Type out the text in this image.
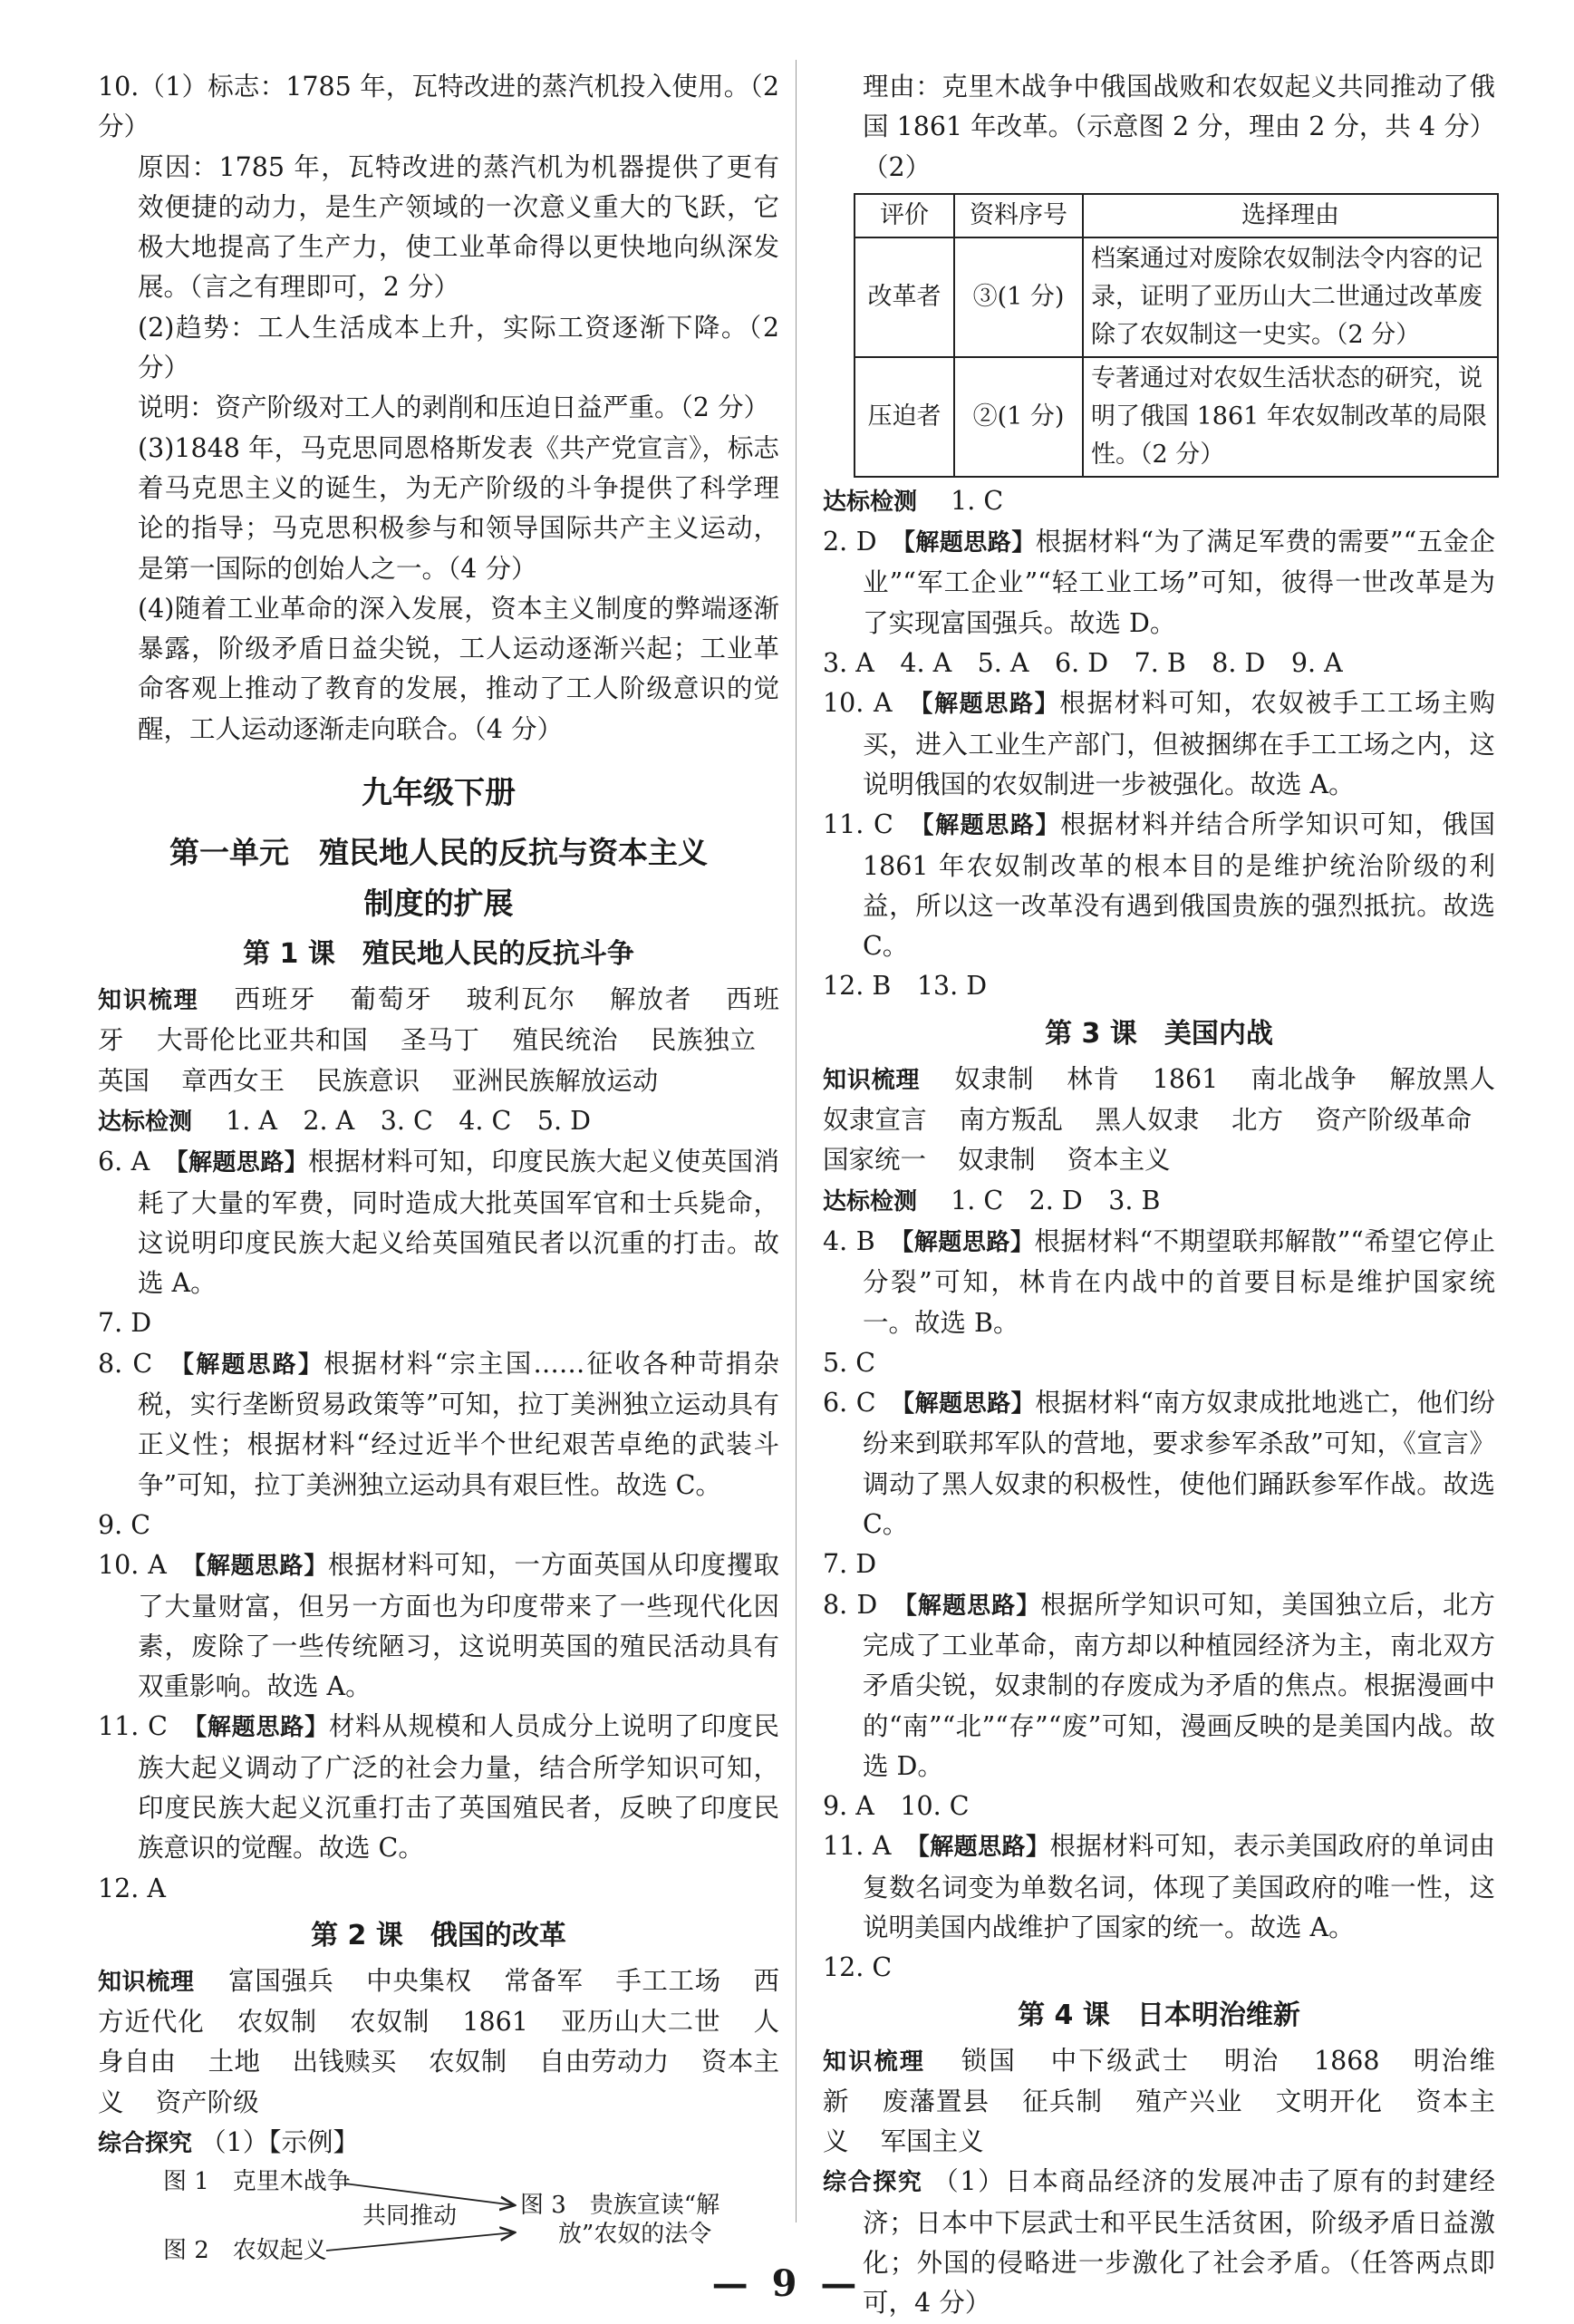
10.（1）标志：1785 年，瓦特改进的蒸汽机投入使用。（2 分）

原因：1785 年，瓦特改进的蒸汽机为机器提供了更有效便捷的动力，是生产领域的一次意义重大的飞跃，它极大地提高了生产力，使工业革命得以更快地向纵深发展。（言之有理即可，2 分）

(2)趋势：工人生活成本上升，实际工资逐渐下降。（2 分）

说明：资产阶级对工人的剥削和压迫日益严重。（2 分）

(3)1848 年，马克思同恩格斯发表《共产党宣言》，标志着马克思主义的诞生，为无产阶级的斗争提供了科学理论的指导；马克思积极参与和领导国际共产主义运动，是第一国际的创始人之一。（4 分）

(4)随着工业革命的深入发展，资本主义制度的弊端逐渐暴露，阶级矛盾日益尖锐，工人运动逐渐兴起；工业革命客观上推动了教育的发展，推动了工人阶级意识的觉醒，工人运动逐渐走向联合。（4 分）

九年级下册
第一单元　殖民地人民的反抗与资本主义
制度的扩展
第 1 课　殖民地人民的反抗斗争

知识梳理 西班牙 葡萄牙 玻利瓦尔 解放者 西班牙 大哥伦比亚共和国 圣马丁 殖民统治 民族独立 英国 章西女王 民族意识 亚洲民族解放运动

达标检测 1. A　2. A　3. C　4. C　5. D

6. A　 【解题思路】根据材料可知，印度民族大起义使英国消耗了大量的军费，同时造成大批英国军官和士兵毙命，这说明印度民族大起义给英国殖民者以沉重的打击。故选 A。

7. D

8. C　 【解题思路】根据材料“宗主国……征收各种苛捐杂税，实行垄断贸易政策等”可知，拉丁美洲独立运动具有正义性；根据材料“经过近半个世纪艰苦卓绝的武装斗争”可知，拉丁美洲独立运动具有艰巨性。故选 C。

9. C

10. A　 【解题思路】根据材料可知，一方面英国从印度攫取了大量财富，但另一方面也为印度带来了一些现代化因素，废除了一些传统陋习，这说明英国的殖民活动具有双重影响。故选 A。

11. C　 【解题思路】材料从规模和人员成分上说明了印度民族大起义调动了广泛的社会力量，结合所学知识可知，印度民族大起义沉重打击了英国殖民者，反映了印度民族意识的觉醒。故选 C。

12. A

第 2 课　俄国的改革

知识梳理 富国强兵 中央集权 常备军 手工工场 西方近代化 农奴制 农奴制 1861 亚历山大二世 人身自由 土地 出钱赎买 农奴制 自由劳动力 资本主义 资产阶级

综合探究 （1）【示例】

图 1　克里木战争
图 2　农奴起义
共同推动	图 3　贵族宣读“解
放”农奴的法令

理由：克里木战争中俄国战败和农奴起义共同推动了俄国 1861 年改革。（示意图 2 分，理由 2 分，共 4 分）

（2）

评价	资料序号	选择理由
改革者	③(1 分)	档案通过对废除农奴制法令内容的记录，证明了亚历山大二世通过改革废除了农奴制这一史实。（2 分）
压迫者	②(1 分)	专著通过对农奴生活状态的研究，说明了俄国 1861 年农奴制改革的局限性。（2 分）

达标检测 1. C

2. D　 【解题思路】根据材料“为了满足军费的需要”“五金企业”“军工企业”“轻工业工场”可知，彼得一世改革是为了实现富国强兵。故选 D。

3. A　4. A　5. A　6. D　7. B　8. D　9. A

10. A　 【解题思路】根据材料可知，农奴被手工工场主购买，进入工业生产部门，但被捆绑在手工工场之内，这说明俄国的农奴制进一步被强化。故选 A。

11. C　 【解题思路】根据材料并结合所学知识可知，俄国 1861 年农奴制改革的根本目的是维护统治阶级的利益，所以这一改革没有遇到俄国贵族的强烈抵抗。故选 C。

12. B　13. D

第 3 课　美国内战

知识梳理 奴隶制 林肯 1861 南北战争 解放黑人奴隶宣言 南方叛乱 黑人奴隶 北方 资产阶级革命 国家统一 奴隶制 资本主义

达标检测 1. C　2. D　3. B

4. B　 【解题思路】根据材料“不期望联邦解散”“希望它停止分裂”可知，林肯在内战中的首要目标是维护国家统一。故选 B。

5. C

6. C　 【解题思路】根据材料“南方奴隶成批地逃亡，他们纷纷来到联邦军队的营地，要求参军杀敌”可知，《宣言》调动了黑人奴隶的积极性，使他们踊跃参军作战。故选 C。

7. D

8. D　 【解题思路】根据所学知识可知，美国独立后，北方完成了工业革命，南方却以种植园经济为主，南北双方矛盾尖锐，奴隶制的存废成为矛盾的焦点。根据漫画中的“南”“北”“存”“废”可知，漫画反映的是美国内战。故选 D。

9. A　10. C

11. A　 【解题思路】根据材料可知，表示美国政府的单词由复数名词变为单数名词，体现了美国政府的唯一性，这说明美国内战维护了国家的统一。故选 A。

12. C

第 4 课　日本明治维新

知识梳理 锁国 中下级武士 明治 1868 明治维新 废藩置县 征兵制 殖产兴业 文明开化 资本主义 军国主义

综合探究 （1）日本商品经济的发展冲击了原有的封建经济；日本中下层武士和平民生活贫困，阶级矛盾日益激化；外国的侵略进一步激化了社会矛盾。（任答两点即可，4 分）

— 9 —
